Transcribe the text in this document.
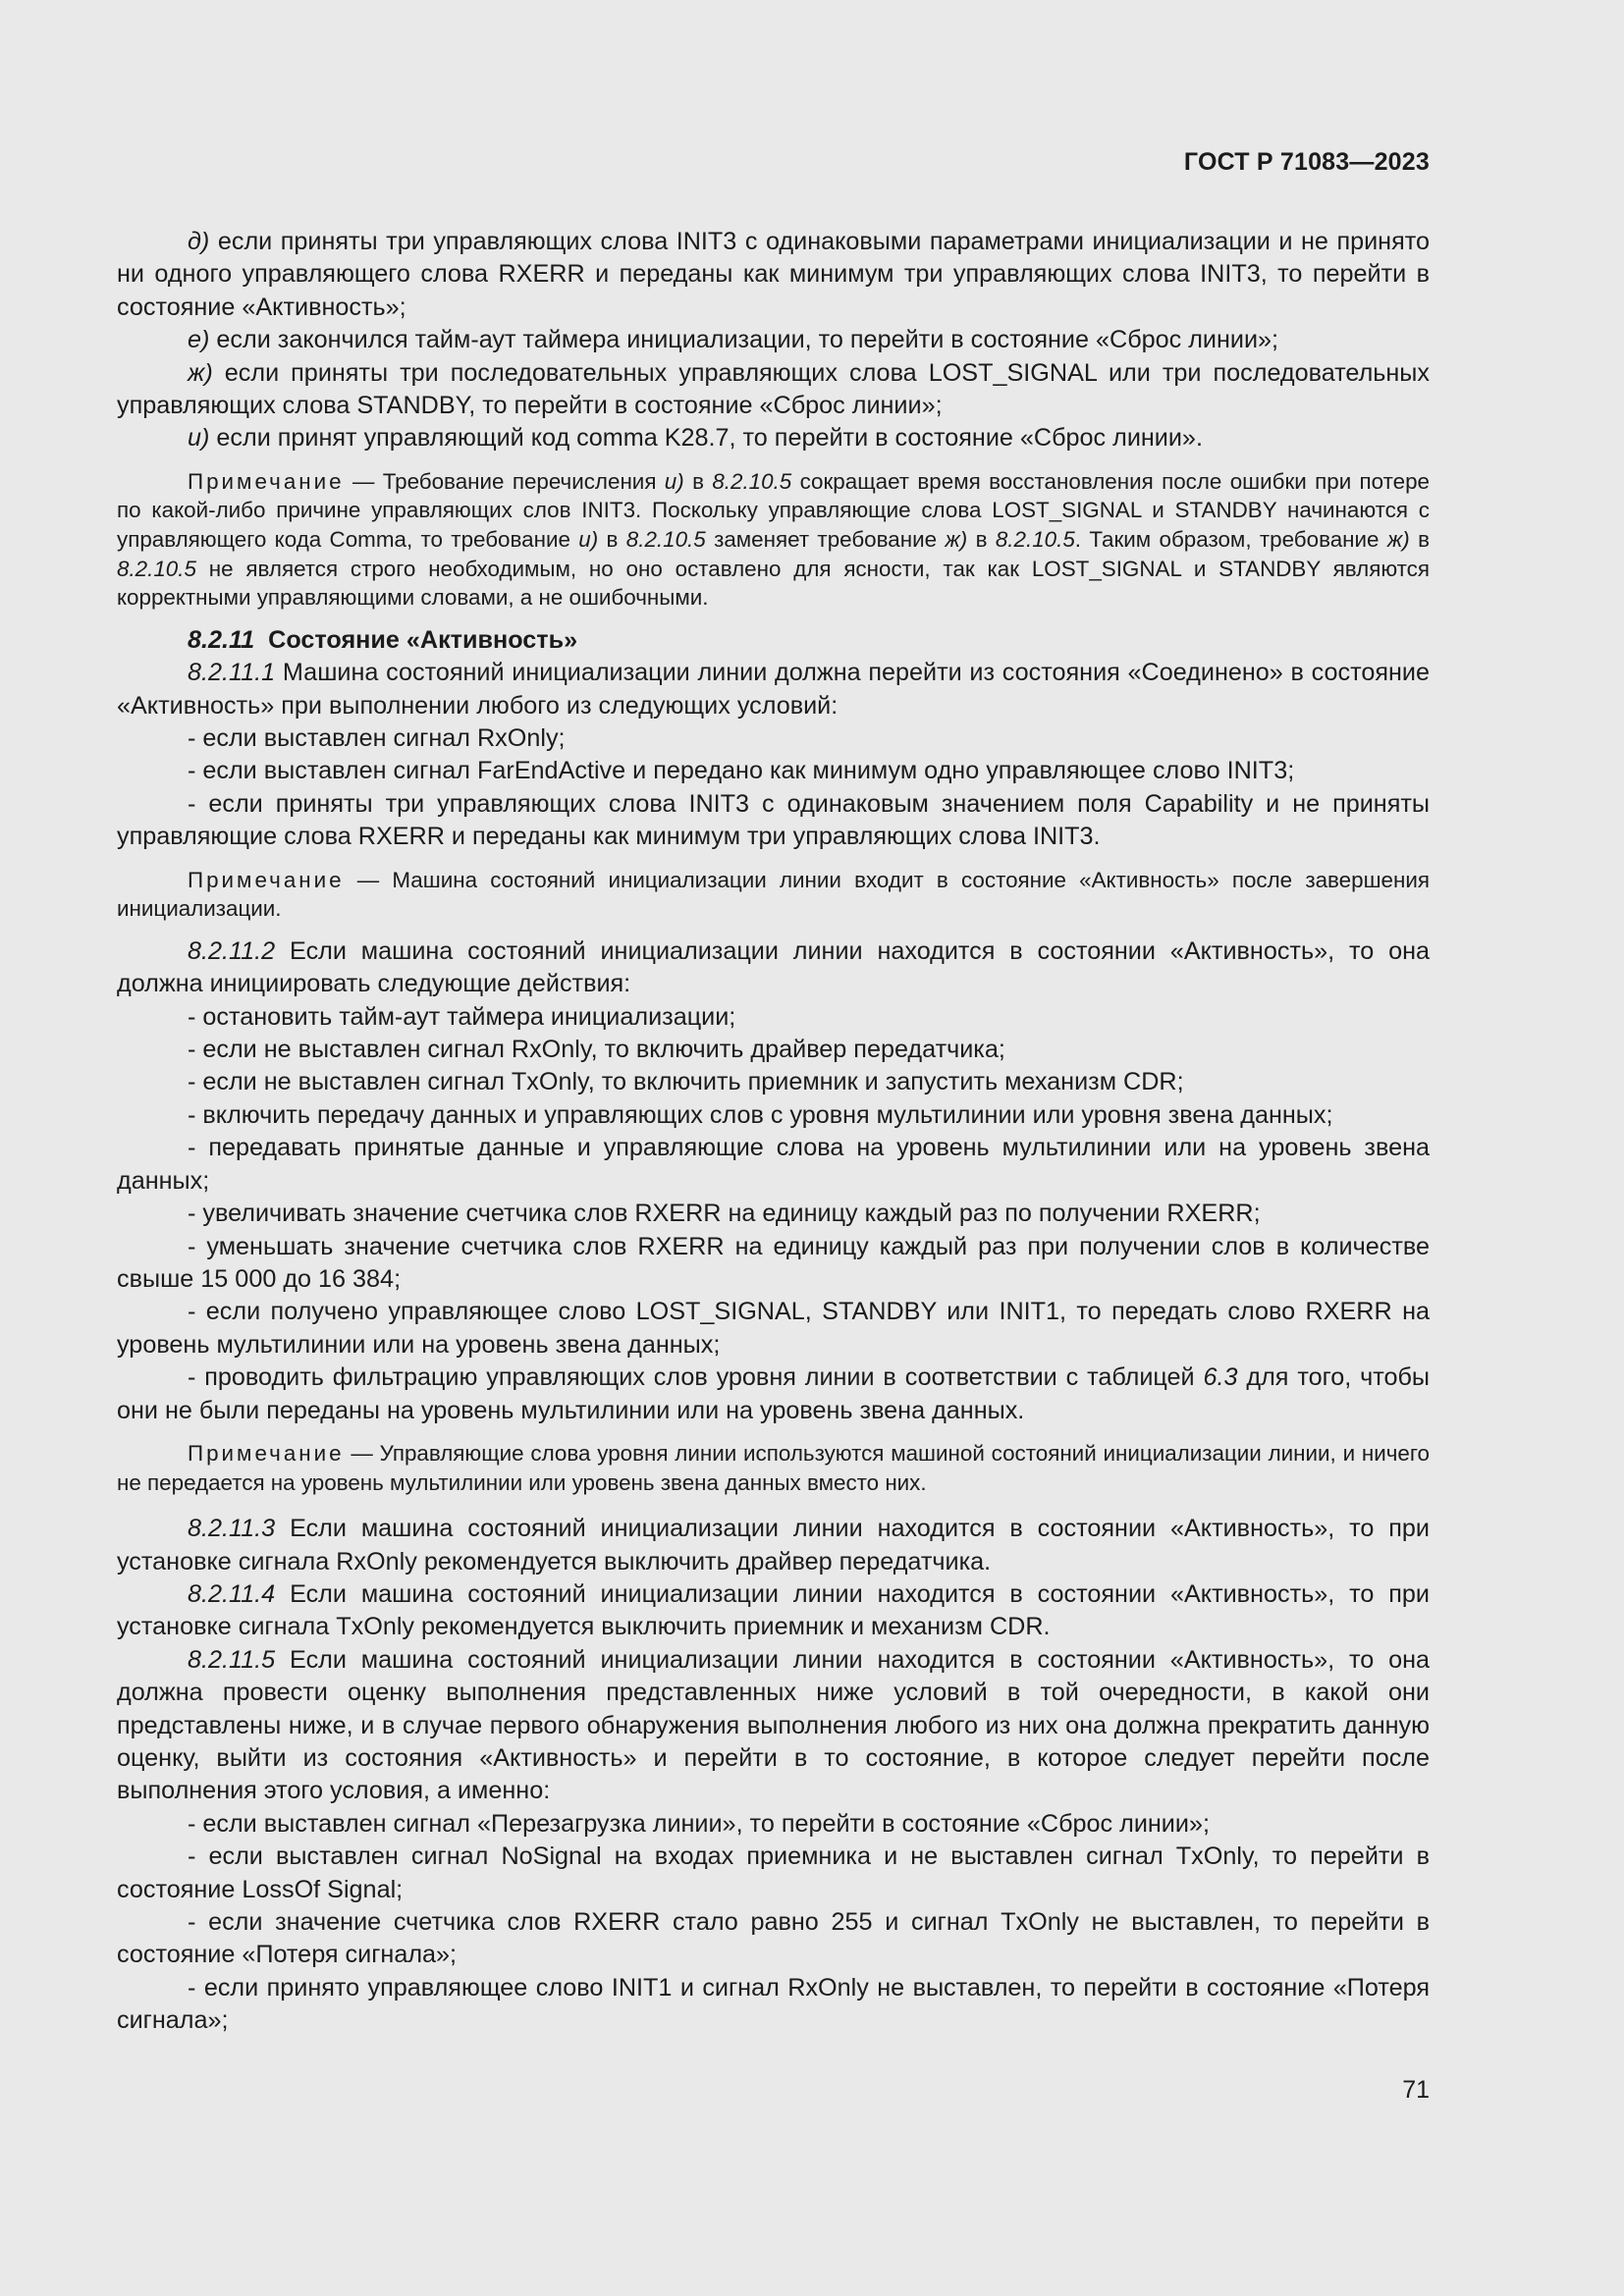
ГОСТ Р 71083—2023

д) если приняты три управляющих слова INIT3 с одинаковыми параметрами инициализации и не принято ни одного управляющего слова RXERR и переданы как минимум три управляющих слова INIT3, то перейти в состояние «Активность»;

е) если закончился тайм-аут таймера инициализации, то перейти в состояние «Сброс линии»;

ж) если приняты три последовательных управляющих слова LOST_SIGNAL или три последовательных управляющих слова STANDBY, то перейти в состояние «Сброс линии»;

и) если принят управляющий код comma K28.7, то перейти в состояние «Сброс линии».

Примечание — Требование перечисления и) в 8.2.10.5 сокращает время восстановления после ошибки при потере по какой-либо причине управляющих слов INIT3. Поскольку управляющие слова LOST_SIGNAL и STANDBY начинаются с управляющего кода Comma, то требование и) в 8.2.10.5 заменяет требование ж) в 8.2.10.5. Таким образом, требование ж) в 8.2.10.5 не является строго необходимым, но оно оставлено для ясности, так как LOST_SIGNAL и STANDBY являются корректными управляющими словами, а не ошибочными.

8.2.11 Состояние «Активность»

8.2.11.1 Машина состояний инициализации линии должна перейти из состояния «Соединено» в состояние «Активность» при выполнении любого из следующих условий:

- если выставлен сигнал RxOnly;

- если выставлен сигнал FarEndActive и передано как минимум одно управляющее слово INIT3;

- если приняты три управляющих слова INIT3 с одинаковым значением поля Capability и не приняты управляющие слова RXERR и переданы как минимум три управляющих слова INIT3.

Примечание — Машина состояний инициализации линии входит в состояние «Активность» после завершения инициализации.

8.2.11.2 Если машина состояний инициализации линии находится в состоянии «Активность», то она должна инициировать следующие действия:

- остановить тайм-аут таймера инициализации;

- если не выставлен сигнал RxOnly, то включить драйвер передатчика;

- если не выставлен сигнал TxOnly, то включить приемник и запустить механизм CDR;

- включить передачу данных и управляющих слов с уровня мультилинии или уровня звена данных;

- передавать принятые данные и управляющие слова на уровень мультилинии или на уровень звена данных;

- увеличивать значение счетчика слов RXERR на единицу каждый раз по получении RXERR;

- уменьшать значение счетчика слов RXERR на единицу каждый раз при получении слов в количестве свыше 15 000 до 16 384;

- если получено управляющее слово LOST_SIGNAL, STANDBY или INIT1, то передать слово RXERR на уровень мультилинии или на уровень звена данных;

- проводить фильтрацию управляющих слов уровня линии в соответствии с таблицей 6.3 для того, чтобы они не были переданы на уровень мультилинии или на уровень звена данных.

Примечание — Управляющие слова уровня линии используются машиной состояний инициализации линии, и ничего не передается на уровень мультилинии или уровень звена данных вместо них.

8.2.11.3 Если машина состояний инициализации линии находится в состоянии «Активность», то при установке сигнала RxOnly рекомендуется выключить драйвер передатчика.

8.2.11.4 Если машина состояний инициализации линии находится в состоянии «Активность», то при установке сигнала TxOnly рекомендуется выключить приемник и механизм CDR.

8.2.11.5 Если машина состояний инициализации линии находится в состоянии «Активность», то она должна провести оценку выполнения представленных ниже условий в той очередности, в какой они представлены ниже, и в случае первого обнаружения выполнения любого из них она должна прекратить данную оценку, выйти из состояния «Активность» и перейти в то состояние, в которое следует перейти после выполнения этого условия, а именно:

- если выставлен сигнал «Перезагрузка линии», то перейти в состояние «Сброс линии»;

- если выставлен сигнал NoSignal на входах приемника и не выставлен сигнал TxOnly, то перейти в состояние LossOf Signal;

- если значение счетчика слов RXERR стало равно 255 и сигнал TxOnly не выставлен, то перейти в состояние «Потеря сигнала»;

- если принято управляющее слово INIT1 и сигнал RxOnly не выставлен, то перейти в состояние «Потеря сигнала»;

71
